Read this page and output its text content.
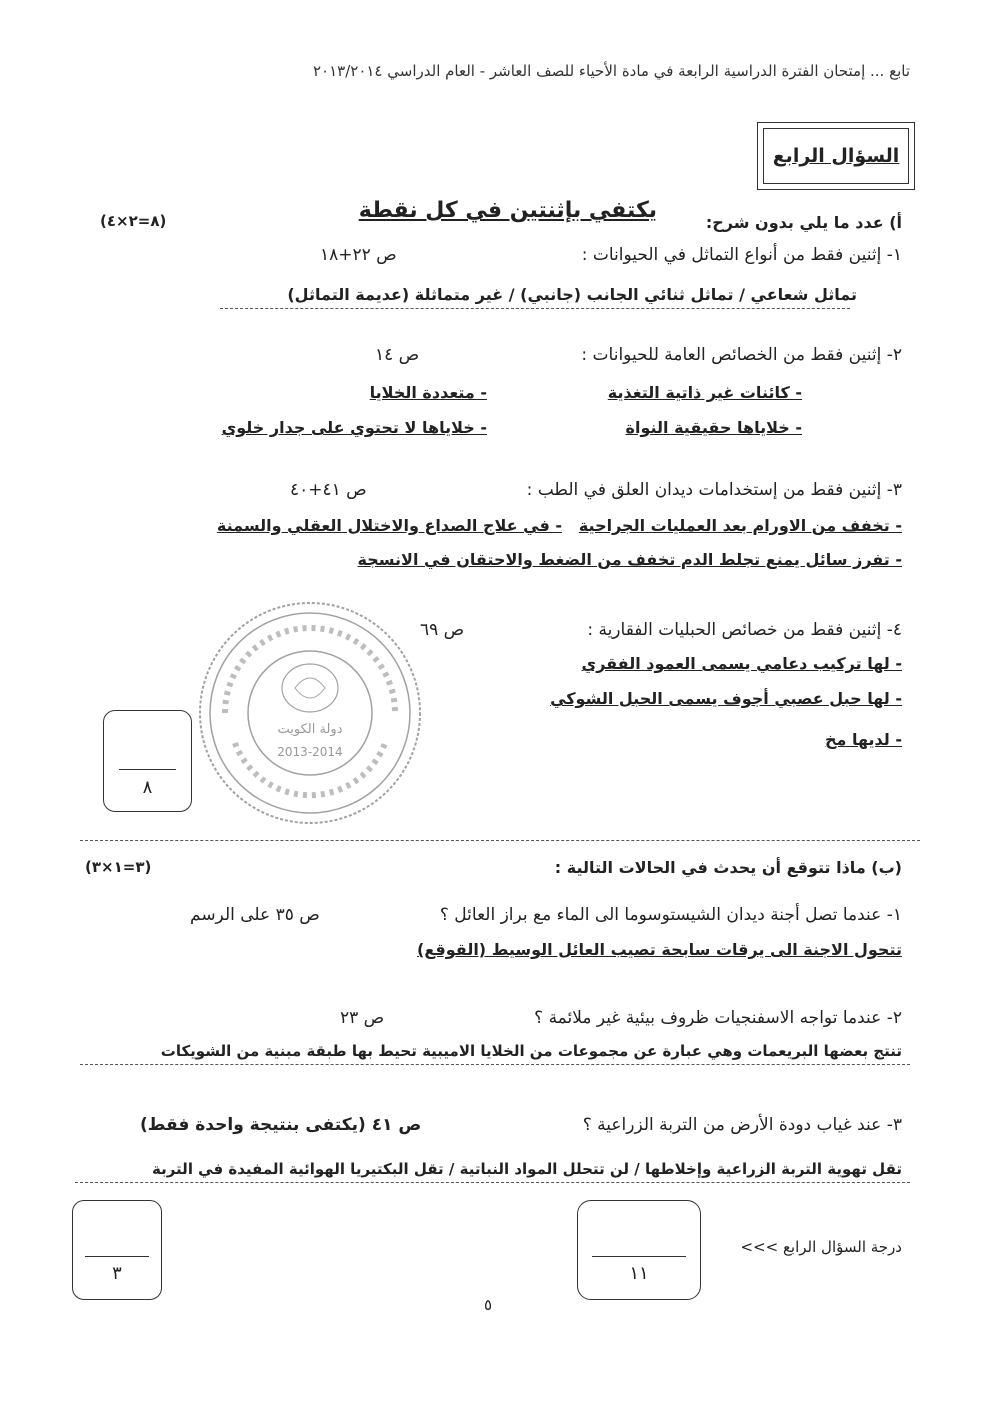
تابع ... إمتحان الفترة الدراسية الرابعة في مادة الأحياء للصف العاشر - العام الدراسي ٢٠١٣/٢٠١٤
السؤال الرابع
أ) عدد ما يلي بدون شرح:
يكتفي بإثنتين في كل نقطة
(٨=٢×٤)
١- إثنين فقط من أنواع التماثل في الحيوانات :
ص ٢٢+١٨
تماثل شعاعي / تماثل ثنائي الجانب (جانبي) / غير متماثلة (عديمة التماثل)
٢- إثنين فقط من الخصائص العامة للحيوانات :
ص ١٤
- كائنات غير ذاتية التغذية
- متعددة الخلايا
- خلاياها حقيقية النواة
- خلاياها لا تحتوي على جدار خلوي
٣- إثنين فقط من إستخدامات ديدان العلق في الطب :
ص ٤١+٤٠
- تخفف من الاورام بعد العمليات الجراحية
- في علاج الصداع والاختلال العقلي والسمنة
- تفرز سائل يمنع تجلط الدم تخفف من الضغط والاحتقان في الانسجة
دولة الكويت
2013-2014
٤- إثنين فقط من خصائص الحبليات الفقارية :
ص ٦٩
- لها تركيب دعامي يسمى العمود الفقري
- لها حبل عصبي أجوف يسمى الحبل الشوكي
- لديها مخ
٨
(ب) ماذا تتوقع أن يحدث في الحالات التالية :
(٣=١×٣)
١- عندما تصل أجنة ديدان الشيستوسوما الى الماء مع براز العائل ؟
ص ٣٥ على الرسم
تتحول الاجنة الى يرقات سابحة تصيب العائل الوسيط (القوقع)
٢- عندما تواجه الاسفنجيات ظروف بيئية غير ملائمة ؟
ص ٢٣
تنتج بعضها البريعمات وهي عبارة عن مجموعات من الخلايا الاميبية تحيط بها طبقة مبنية من الشويكات
٣- عند غياب دودة الأرض من التربة الزراعية ؟
ص ٤١ (يكتفى بنتيجة واحدة فقط)
تقل تهوية التربة الزراعية وإخلاطها / لن تتحلل المواد النباتية / تقل البكتيريا الهوائية المفيدة في التربة
٣
درجة السؤال الرابع >>>
١١
٥
